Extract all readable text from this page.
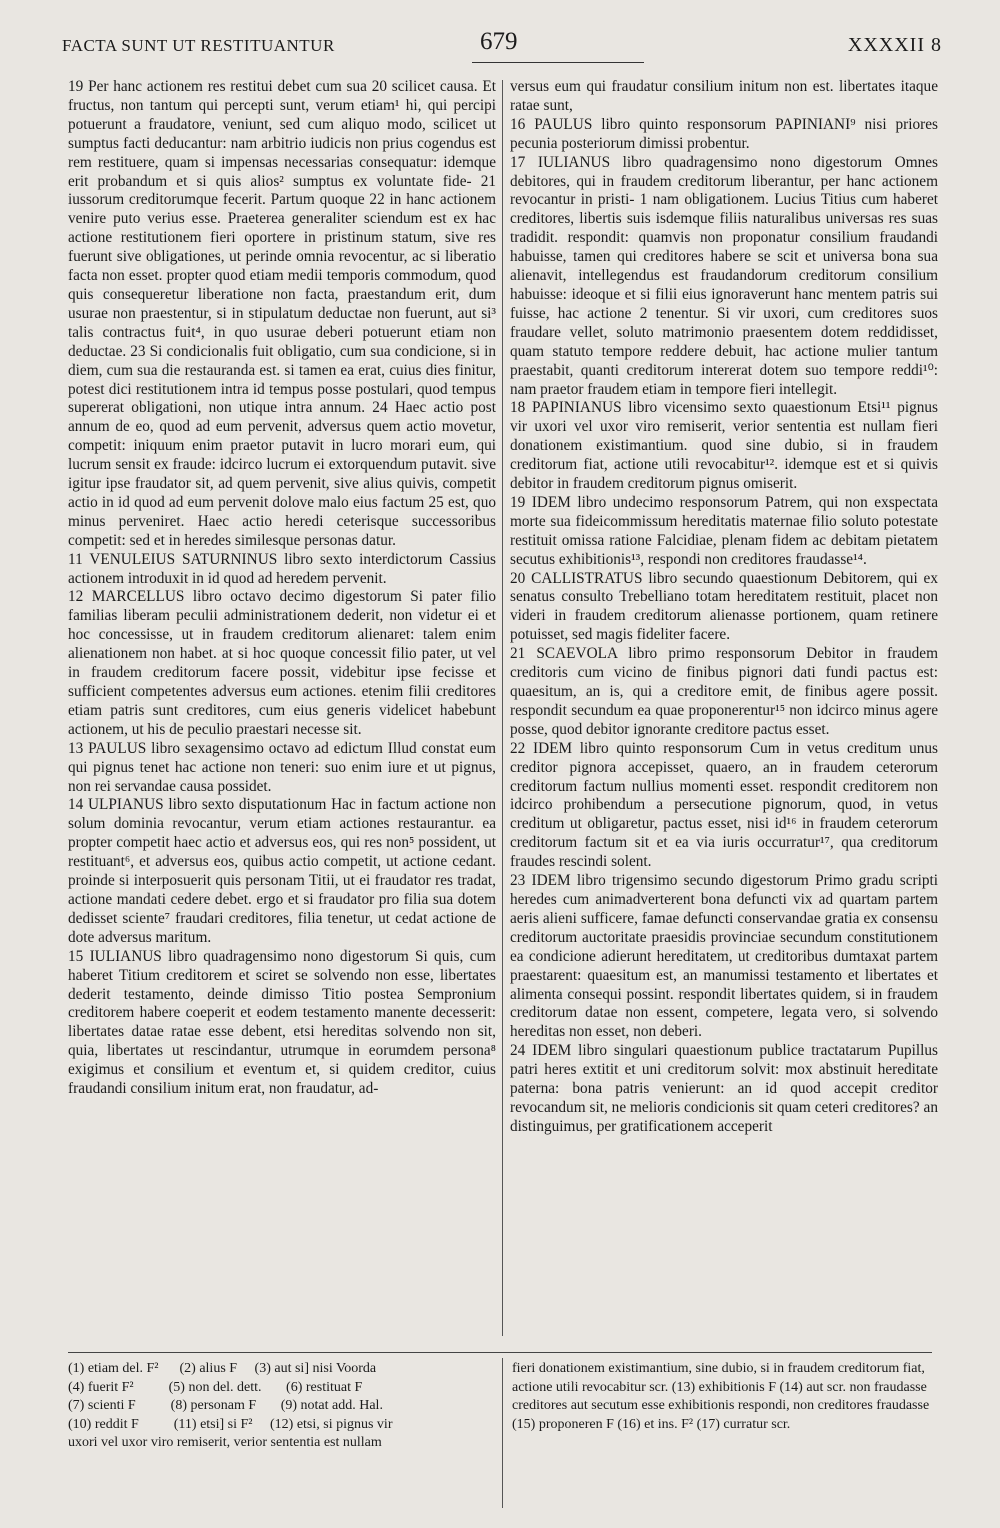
FACTA SUNT UT RESTITUANTUR	679	XXXXII 8

19 Per hanc actionem res restitui debet cum sua 20 scilicet causa. Et fructus, non tantum qui percepti sunt, verum etiam¹ hi, qui percipi potuerunt a fraudatore, veniunt, sed cum aliquo modo, scilicet ut sumptus facti deducantur: nam arbitrio iudicis non prius cogendus est rem restituere, quam si impensas necessarias consequatur: idemque erit probandum et si quis alios² sumptus ex voluntate fide- 21 iussorum creditorumque fecerit. Partum quoque 22 in hanc actionem venire puto verius esse. Praeterea generaliter sciendum est ex hac actione restitutionem fieri oportere in pristinum statum, sive res fuerunt sive obligationes, ut perinde omnia revocentur, ac si liberatio facta non esset. propter quod etiam medii temporis commodum, quod quis consequeretur liberatione non facta, praestandum erit, dum usurae non praestentur, si in stipulatum deductae non fuerunt, aut si³ talis contractus fuit⁴, in quo usurae deberi potuerunt etiam non deductae. 23 Si condicionalis fuit obligatio, cum sua condicione, si in diem, cum sua die restauranda est. si tamen ea erat, cuius dies finitur, potest dici restitutionem intra id tempus posse postulari, quod tempus supererat obligationi, non utique intra annum. 24 Haec actio post annum de eo, quod ad eum pervenit, adversus quem actio movetur, competit: iniquum enim praetor putavit in lucro morari eum, qui lucrum sensit ex fraude: idcirco lucrum ei extorquendum putavit. sive igitur ipse fraudator sit, ad quem pervenit, sive alius quivis, competit actio in id quod ad eum pervenit dolove malo eius factum 25 est, quo minus perveniret. Haec actio heredi ceterisque successoribus competit: sed et in heredes similesque personas datur.

11 VENULEIUS SATURNINUS libro sexto interdictorum Cassius actionem introduxit in id quod ad heredem pervenit.

12 MARCELLUS libro octavo decimo digestorum Si pater filio familias liberam peculii administrationem dederit, non videtur ei et hoc concessisse, ut in fraudem creditorum alienaret: talem enim alienationem non habet. at si hoc quoque concessit filio pater, ut vel in fraudem creditorum facere possit, videbitur ipse fecisse et sufficient competentes adversus eum actiones. etenim filii creditores etiam patris sunt creditores, cum eius generis videlicet habebunt actionem, ut his de peculio praestari necesse sit.

13 PAULUS libro sexagensimo octavo ad edictum Illud constat eum qui pignus tenet hac actione non teneri: suo enim iure et ut pignus, non rei servandae causa possidet.

14 ULPIANUS libro sexto disputationum Hac in factum actione non solum dominia revocantur, verum etiam actiones restaurantur. ea propter competit haec actio et adversus eos, qui res non⁵ possident, ut restituant⁶, et adversus eos, quibus actio competit, ut actione cedant. proinde si interposuerit quis personam Titii, ut ei fraudator res tradat, actione mandati cedere debet. ergo et si fraudator pro filia sua dotem dedisset sciente⁷ fraudari creditores, filia tenetur, ut cedat actione de dote adversus maritum.

15 IULIANUS libro quadragensimo nono digestorum Si quis, cum haberet Titium creditorem et sciret se solvendo non esse, libertates dederit testamento, deinde dimisso Titio postea Sempronium creditorem habere coeperit et eodem testamento manente decesserit: libertates datae ratae esse debent, etsi hereditas solvendo non sit, quia, libertates ut rescindantur, utrumque in eorumdem persona⁸ exigimus et consilium et eventum et, si quidem creditor, cuius fraudandi consilium initum erat, non fraudatur, ad-

versus eum qui fraudatur consilium initum non est. libertates itaque ratae sunt,

16 PAULUS libro quinto responsorum PAPINIANI⁹ nisi priores pecunia posteriorum dimissi probentur.

17 IULIANUS libro quadragensimo nono digestorum Omnes debitores, qui in fraudem creditorum liberantur, per hanc actionem revocantur in pristi- 1 nam obligationem. Lucius Titius cum haberet creditores, libertis suis isdemque filiis naturalibus universas res suas tradidit. respondit: quamvis non proponatur consilium fraudandi habuisse, tamen qui creditores habere se scit et universa bona sua alienavit, intellegendus est fraudandorum creditorum consilium habuisse: ideoque et si filii eius ignoraverunt hanc mentem patris sui fuisse, hac actione 2 tenentur. Si vir uxori, cum creditores suos fraudare vellet, soluto matrimonio praesentem dotem reddidisset, quam statuto tempore reddere debuit, hac actione mulier tantum praestabit, quanti creditorum intererat dotem suo tempore reddi¹⁰: nam praetor fraudem etiam in tempore fieri intellegit.

18 PAPINIANUS libro vicensimo sexto quaestionum Etsi¹¹ pignus vir uxori vel uxor viro remiserit, verior sententia est nullam fieri donationem existimantium. quod sine dubio, si in fraudem creditorum fiat, actione utili revocabitur¹². idemque est et si quivis debitor in fraudem creditorum pignus omiserit.

19 IDEM libro undecimo responsorum Patrem, qui non exspectata morte sua fideicommissum hereditatis maternae filio soluto potestate restituit omissa ratione Falcidiae, plenam fidem ac debitam pietatem secutus exhibitionis¹³, respondi non creditores fraudasse¹⁴.

20 CALLISTRATUS libro secundo quaestionum Debitorem, qui ex senatus consulto Trebelliano totam hereditatem restituit, placet non videri in fraudem creditorum alienasse portionem, quam retinere potuisset, sed magis fideliter facere.

21 SCAEVOLA libro primo responsorum Debitor in fraudem creditoris cum vicino de finibus pignori dati fundi pactus est: quaesitum, an is, qui a creditore emit, de finibus agere possit. respondit secundum ea quae proponerentur¹⁵ non idcirco minus agere posse, quod debitor ignorante creditore pactus esset.

22 IDEM libro quinto responsorum Cum in vetus creditum unus creditor pignora accepisset, quaero, an in fraudem ceterorum creditorum factum nullius momenti esset. respondit creditorem non idcirco prohibendum a persecutione pignorum, quod, in vetus creditum ut obligaretur, pactus esset, nisi id¹⁶ in fraudem ceterorum creditorum factum sit et ea via iuris occurratur¹⁷, qua creditorum fraudes rescindi solent.

23 IDEM libro trigensimo secundo digestorum Primo gradu scripti heredes cum animadverterent bona defuncti vix ad quartam partem aeris alieni sufficere, famae defuncti conservandae gratia ex consensu creditorum auctoritate praesidis provinciae secundum constitutionem ea condicione adierunt hereditatem, ut creditoribus dumtaxat partem praestarent: quaesitum est, an manumissi testamento et libertates et alimenta consequi possint. respondit libertates quidem, si in fraudem creditorum datae non essent, competere, legata vero, si solvendo hereditas non esset, non deberi.

24 IDEM libro singulari quaestionum publice tractatarum Pupillus patri heres extitit et uni creditorum solvit: mox abstinuit hereditate paterna: bona patris venierunt: an id quod accepit creditor revocandum sit, ne melioris condicionis sit quam ceteri creditores? an distinguimus, per gratificationem acceperit

(1) etiam del. F²      (2) alius F     (3) aut si] nisi Voorda

(4) fuerit F²          (5) non del. dett.       (6) restituat F

(7) scienti F          (8) personam F       (9) notat add. Hal.

(10) reddit F          (11) etsi] si F²     (12) etsi, si pignus vir

uxori vel uxor viro remiserit, verior sententia est nullam

fieri donationem existimantium, sine dubio, si in fraudem creditorum fiat, actione utili revocabitur scr. (13) exhibitionis F (14) aut scr. non fraudasse creditores aut secutum esse exhibitionis respondi, non creditores fraudasse (15) proponeren F (16) et ins. F² (17) curratur scr.
